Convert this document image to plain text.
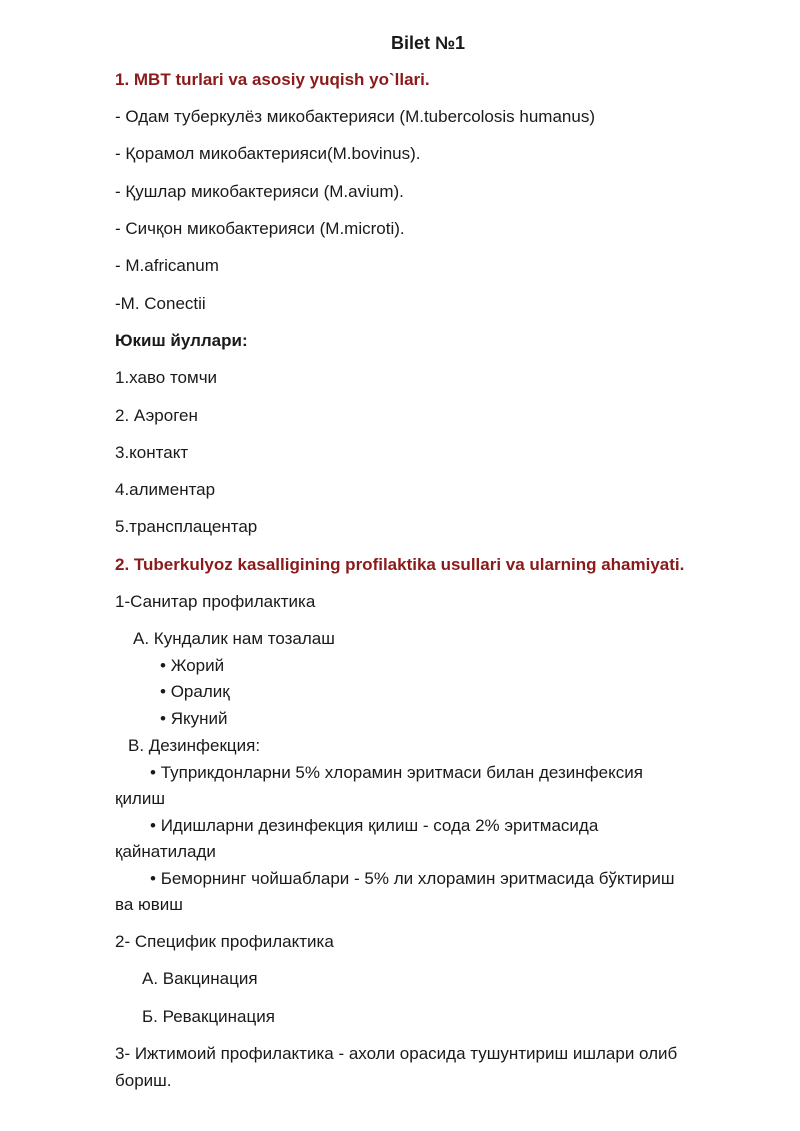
Bilet №1
1. MBT turlari va asosiy yuqish yo`llari.
- Одам туберкулёз микобактерияси (M.tubercolosis humanus)
- Қорамол микобактерияси(M.bovinus).
- Қушлар микобактерияси (M.avium).
- Сичқон микобактерияси (M.microti).
- M.africanum
-M. Conectii
Юкиш йуллари:
1.хаво томчи
2. Аэроген
3.контакт
4.алиментар
5.трансплацентар
2. Tuberkulyoz kasalligining profilaktika usullari va ularning ahamiyati.
1-Санитар профилактика
А. Кундалик нам тозалаш
• Жорий
• Оралиқ
• Якуний
В. Дезинфекция:
• Туприкдонларни 5% хлорамин эритмаси билан дезинфексия
қилиш
• Идишларни дезинфекция қилиш - сода 2% эритмасида
қайнатилади
• Беморнинг чойшаблари - 5% ли хлорамин эритмасида бўктириш
ва ювиш
2- Специфик профилактика
А. Вакцинация
Б. Ревакцинация
3- Ижтимоий профилактика - ахоли орасида тушунтириш ишлари олиб
бориш.
